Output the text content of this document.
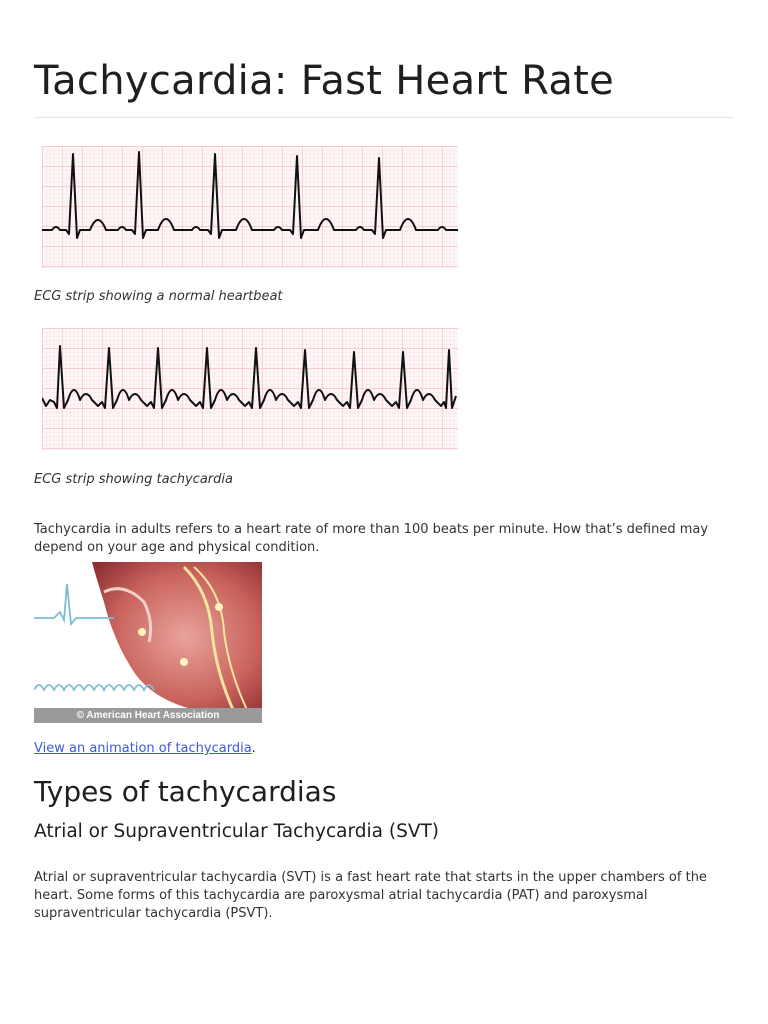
Tachycardia: Fast Heart Rate
ECG strip showing a normal heartbeat
ECG strip showing tachycardia

Tachycardia in adults refers to a heart rate of more than 100 beats per minute. How that’s defined may depend on your age and physical condition.

© American Heart Association
View an animation of tachycardia.
Types of tachycardias
Atrial or Supraventricular Tachycardia (SVT)

Atrial or supraventricular tachycardia (SVT) is a fast heart rate that starts in the upper chambers of the heart. Some forms of this tachycardia are paroxysmal atrial tachycardia (PAT) and paroxysmal supraventricular tachycardia (PSVT).
